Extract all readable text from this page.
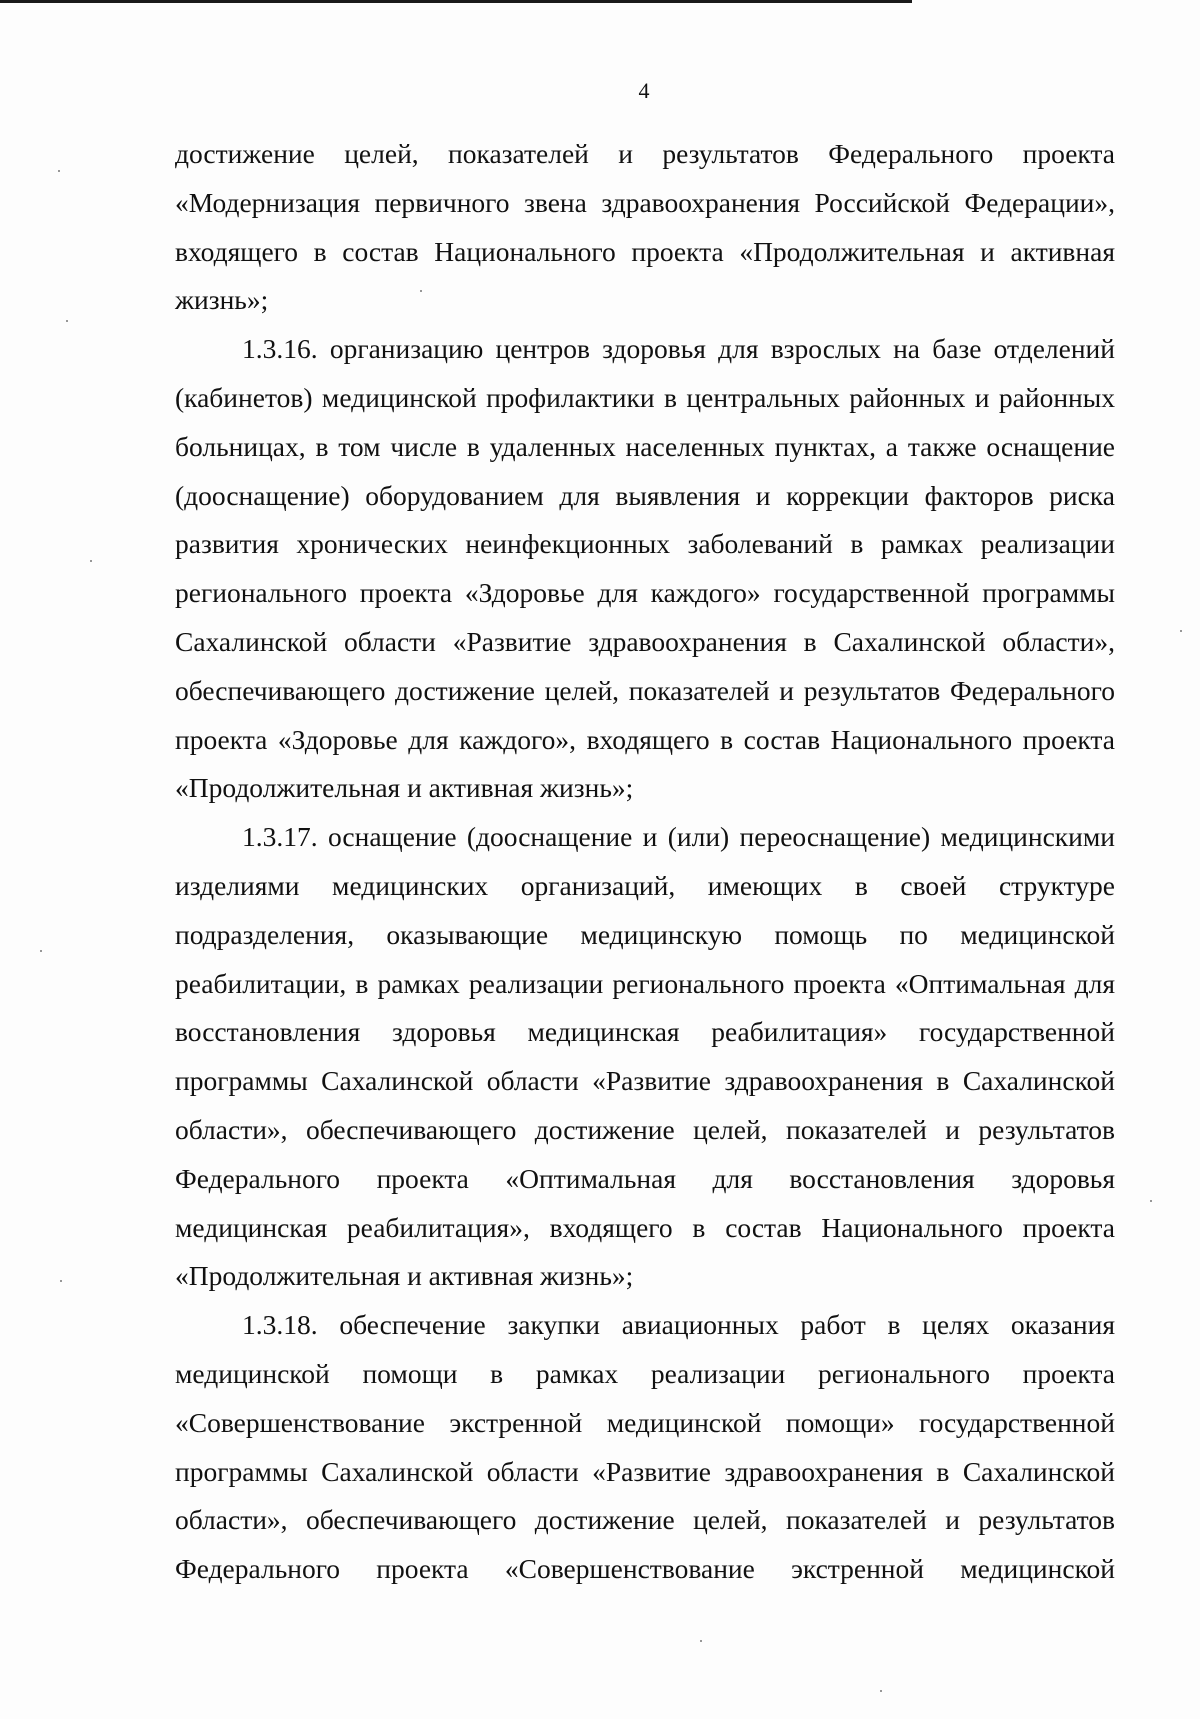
4

достижение целей, показателей и результатов Федерального проекта «Модернизация первичного звена здравоохранения Российской Федерации», входящего в состав Национального проекта «Продолжительная и активная жизнь»;

1.3.16. организацию центров здоровья для взрослых на базе отделений (кабинетов) медицинской профилактики в центральных районных и районных больницах, в том числе в удаленных населенных пунктах, а также оснащение (дооснащение) оборудованием для выявления и коррекции факторов риска развития хронических неинфекционных заболеваний в рамках реализации регионального проекта «Здоровье для каждого» государственной программы Сахалинской области «Развитие здравоохранения в Сахалинской области», обеспечивающего достижение целей, показателей и результатов Федерального проекта «Здоровье для каждого», входящего в состав Национального проекта «Продолжительная и активная жизнь»;

1.3.17. оснащение (дооснащение и (или) переоснащение) медицинскими изделиями медицинских организаций, имеющих в своей структуре подразделения, оказывающие медицинскую помощь по медицинской реабилитации, в рамках реализации регионального проекта «Оптимальная для восстановления здоровья медицинская реабилитация» государственной программы Сахалинской области «Развитие здравоохранения в Сахалинской области», обеспечивающего достижение целей, показателей и результатов Федерального проекта «Оптимальная для восстановления здоровья медицинская реабилитация», входящего в состав Национального проекта «Продолжительная и активная жизнь»;

1.3.18. обеспечение закупки авиационных работ в целях оказания медицинской помощи в рамках реализации регионального проекта «Совершенствование экстренной медицинской помощи» государственной программы Сахалинской области «Развитие здравоохранения в Сахалинской области», обеспечивающего достижение целей, показателей и результатов Федерального проекта «Совершенствование экстренной медицинской
